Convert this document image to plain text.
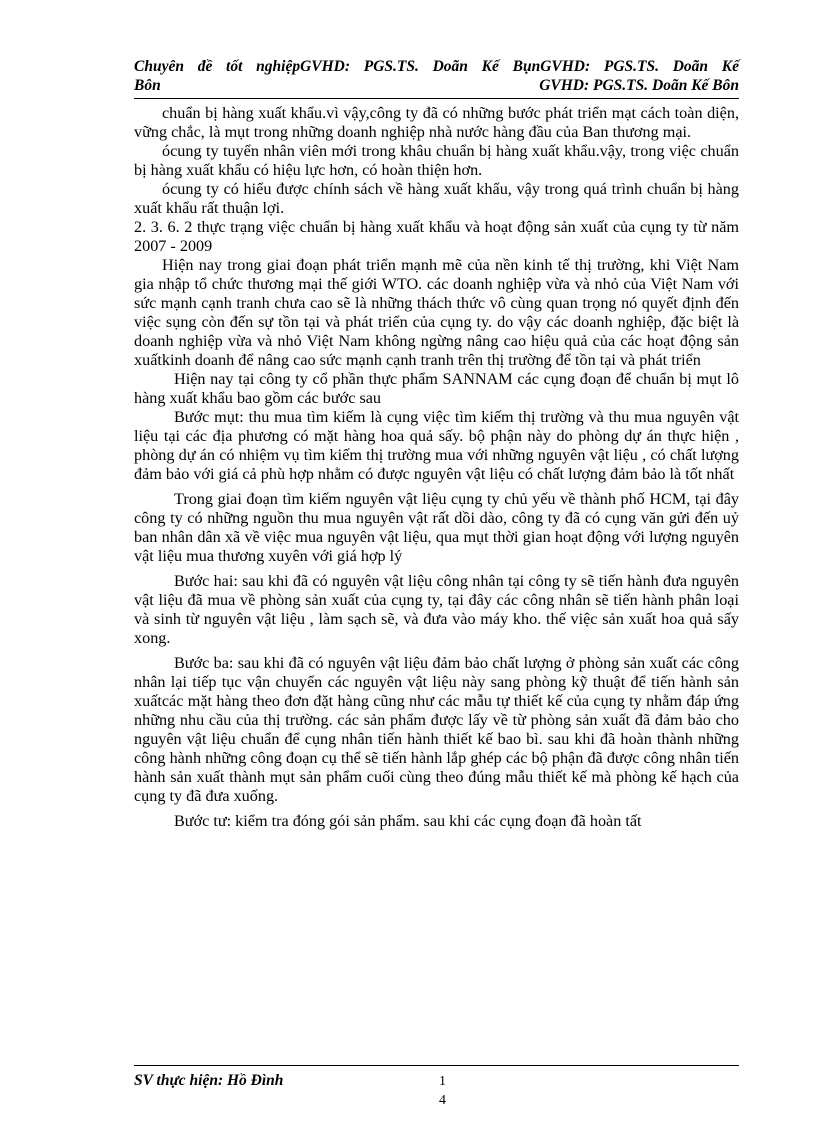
Chuyên đề tốt nghiệpGVHD: PGS.TS. Doãn Kế BụnGVHD: PGS.TS. Doãn Kế
Bôn	GVHD: PGS.TS. Doãn Kế Bôn

chuẩn bị hàng xuất khẩu.vì vậy,công ty đã có những bước phát triển mạt cách toàn diện, vững chắc, là mụt trong những doanh nghiệp nhà nước hàng đầu của Ban thương mại.

ócung ty tuyển nhân viên mới trong khâu chuẩn bị hàng xuất khẩu.vậy, trong việc chuẩn bị hàng xuất khẩu có hiệu lực hơn, có hoàn thiện hơn.

ócung ty có hiểu được chính sách về hàng xuất khẩu, vậy trong quá trình chuẩn bị hàng xuất khẩu rất thuận lợi.

2. 3. 6. 2 thực trạng việc chuẩn bị hàng xuất khẩu và hoạt động sản xuất của cụng ty từ năm 2007 - 2009

Hiện nay trong giai đoạn phát triển mạnh mẽ của nền kinh tế thị trường, khi Việt Nam gia nhập tổ chức thương mại thế giới WTO. các doanh nghiệp vừa và nhỏ của Việt Nam với sức mạnh cạnh tranh chưa cao sẽ là những thách thức vô cùng quan trọng nó quyết định đến việc sụng còn đến sự tồn tại và phát triển của cụng ty. do vậy các doanh nghiệp, đặc biệt là doanh nghiệp vừa và nhỏ Việt Nam không ngừng nâng cao hiệu quả của các hoạt động sản xuấtkinh doanh để nâng cao sức mạnh cạnh tranh trên thị trường để tồn tại và phát triển

Hiện nay tại công ty cổ phần thực phẩm SANNAM các cụng đoạn để chuẩn bị mụt lô hàng xuất khẩu bao gồm các bước sau

Bước mụt: thu mua tìm kiếm là cụng việc tìm kiếm thị trường và thu mua nguyên vật liệu tại các địa phương có mặt hàng hoa quả sấy. bộ phận này do phòng dự án thực hiện , phòng dự án có nhiệm vụ tìm kiếm thị trường mua với những nguyên vật liệu , có chất lượng đảm bảo với giá cả phù hợp nhằm có được nguyên vật liệu có chất lượng đảm bảo là tốt nhất

Trong giai đoạn tìm kiếm nguyên vật liệu cụng ty chủ yếu về thành phố HCM, tại đây công ty có những nguồn thu mua nguyên vật rất dồi dào, công ty đã có cụng văn gửi đến uỷ ban nhân dân xã về việc mua nguyên vật liệu, qua mụt thời gian hoạt động với lượng nguyên vật liệu mua thương xuyên với giá hợp lý

Bước hai: sau khi đã có nguyên vật liệu công nhân tại công ty sẽ tiến hành đưa nguyên vật liệu đã mua về phòng sản xuất của cụng ty, tại đây các công nhân sẽ tiến hành phân loại và sinh từ nguyên vật liệu , làm sạch sẽ, và đưa vào máy kho. thế việc sản xuất hoa quả sấy xong.

Bước ba: sau khi đã có nguyên vật liệu đảm bảo chất lượng ở phòng sản xuất các công nhân lại tiếp tục vận chuyển các nguyên vật liệu này sang phòng kỹ thuật để tiến hành sản xuấtcác mặt hàng theo đơn đặt hàng cũng như các mẫu tự thiết kế của cụng ty nhằm đáp ứng những nhu cầu của thị trường. các sản phẩm được lấy về từ phòng sản xuất đã đảm bảo cho nguyên vật liệu chuẩn để cụng nhân tiến hành thiết kế bao bì. sau khi đã hoàn thành những công hành những công đoạn cụ thể sẽ tiến hành lắp ghép các bộ phận đã được công nhân tiến hành sản xuất thành mụt sản phẩm cuối cùng theo đúng mẫu thiết kế mà phòng kế hạch của cụng ty đã đưa xuống.

Bước tư: kiểm tra đóng gói sản phẩm. sau khi các cụng đoạn đã hoàn tất

SV thực hiện: Hồ Đình	1
4
